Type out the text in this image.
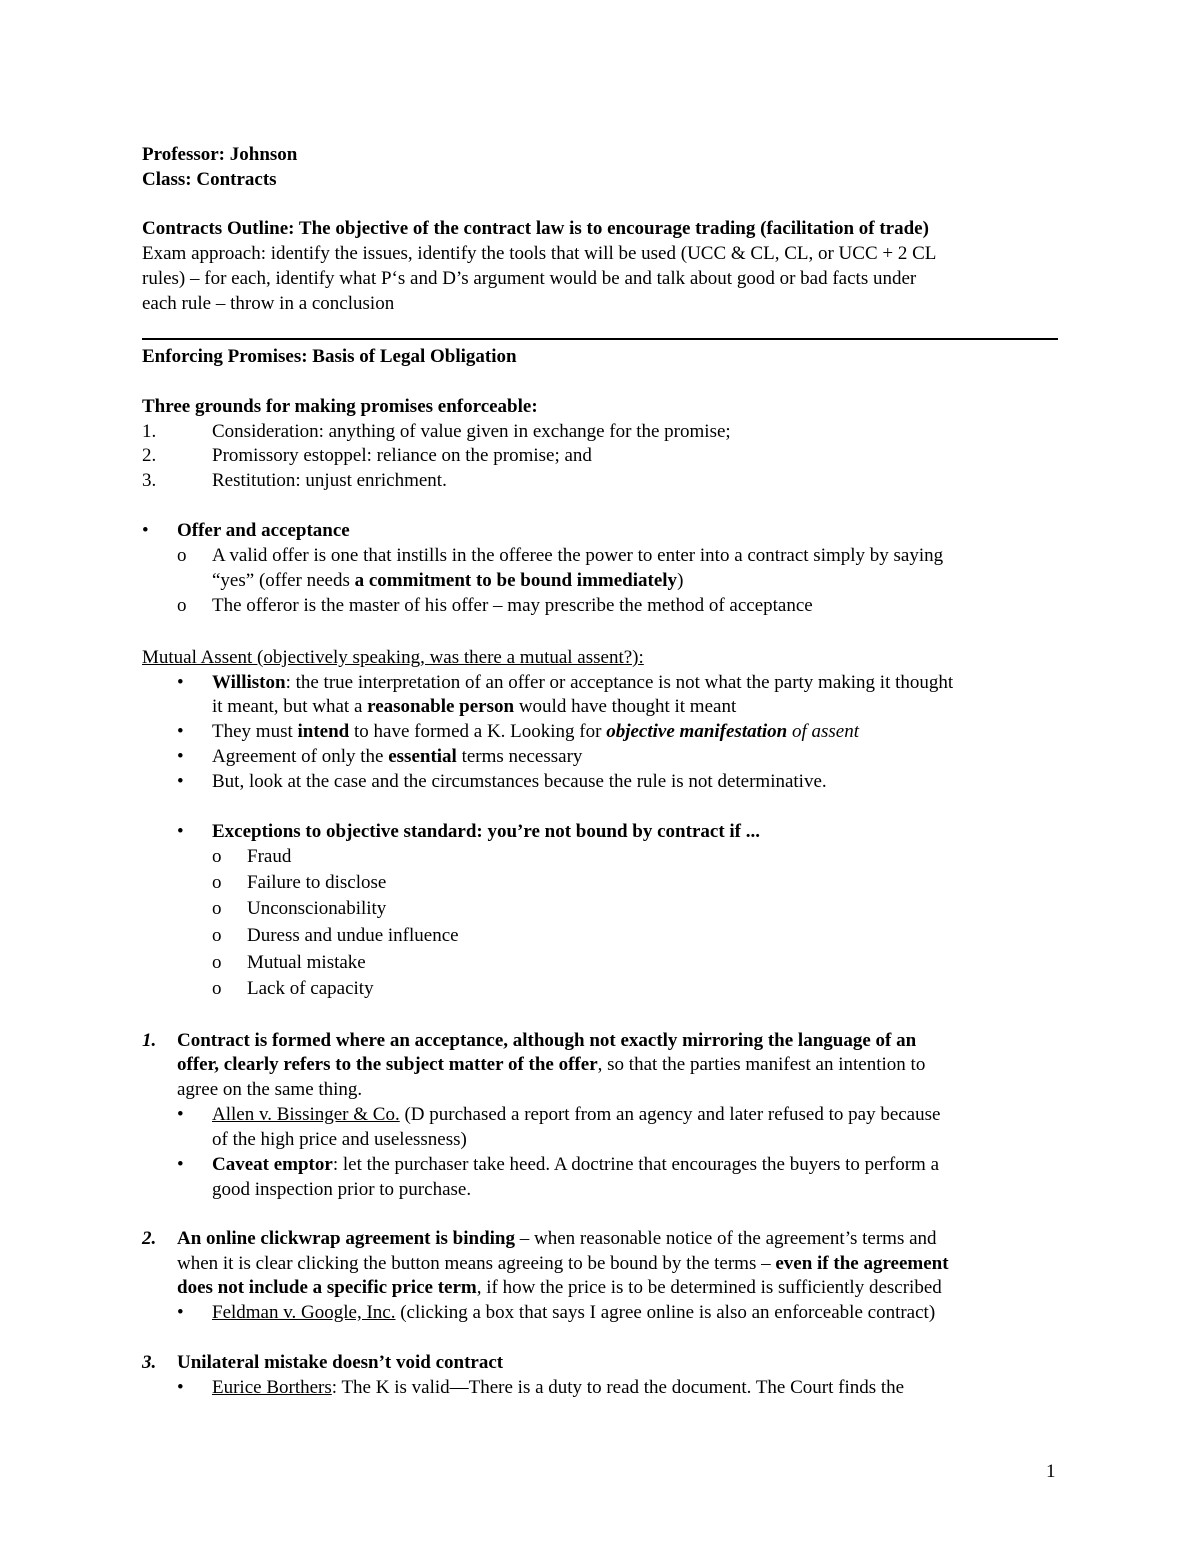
Professor: Johnson
Class: Contracts
Contracts Outline: The objective of the contract law is to encourage trading (facilitation of trade)
Exam approach: identify the issues, identify the tools that will be used (UCC & CL, CL, or UCC + 2 CL
rules) – for each, identify what P‘s and D’s argument would be and talk about good or bad facts under
each rule – throw in a conclusion
Enforcing Promises: Basis of Legal Obligation
Three grounds for making promises enforceable:
1.	Consideration: anything of value given in exchange for the promise;
2.	Promissory estoppel: reliance on the promise; and
3.	Restitution: unjust enrichment.
• Offer and acceptance
o A valid offer is one that instills in the offeree the power to enter into a contract simply by saying
“yes” (offer needs a commitment to be bound immediately)
o The offeror is the master of his offer – may prescribe the method of acceptance
Mutual Assent (objectively speaking, was there a mutual assent?):
• Williston: the true interpretation of an offer or acceptance is not what the party making it thought
it meant, but what a reasonable person would have thought it meant
• They must intend to have formed a K. Looking for objective manifestation of assent
• Agreement of only the essential terms necessary
• But, look at the case and the circumstances because the rule is not determinative.
• Exceptions to objective standard: you’re not bound by contract if ...
o Fraud
o Failure to disclose
o Unconscionability
o Duress and undue influence
o Mutual mistake
o Lack of capacity
1. Contract is formed where an acceptance, although not exactly mirroring the language of an
offer, clearly refers to the subject matter of the offer, so that the parties manifest an intention to
agree on the same thing.
• Allen v. Bissinger & Co. (D purchased a report from an agency and later refused to pay because
of the high price and uselessness)
• Caveat emptor: let the purchaser take heed. A doctrine that encourages the buyers to perform a
good inspection prior to purchase.
2. An online clickwrap agreement is binding – when reasonable notice of the agreement’s terms and
when it is clear clicking the button means agreeing to be bound by the terms – even if the agreement
does not include a specific price term, if how the price is to be determined is sufficiently described
• Feldman v. Google, Inc. (clicking a box that says I agree online is also an enforceable contract)
3. Unilateral mistake doesn’t void contract
• Eurice Borthers: The K is valid—There is a duty to read the document. The Court finds the
1
